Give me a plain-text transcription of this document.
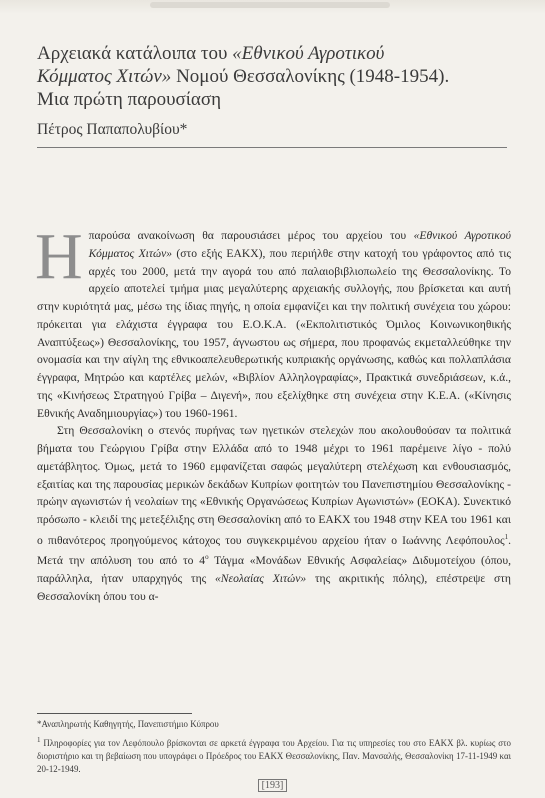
Αρχειακά κατάλοιπα του «Εθνικού Αγροτικού
Κόμματος Χιτών» Νομού Θεσσαλονίκης (1948-1954).
Μια πρώτη παρουσίαση
Πέτρος Παπαπολυβίου*

Η παρούσα ανακοίνωση θα παρουσιάσει μέρος του αρχείου του «Εθνικού Αγροτικού Κόμματος Χιτών» (στο εξής ΕΑΚΧ), που περιήλθε στην κατοχή του γράφοντος από τις αρχές του 2000, μετά την αγορά του από παλαιοβιβλιοπωλείο της Θεσσαλονίκης. Το αρχείο αποτελεί τμήμα μιας μεγαλύτερης αρχειακής συλλογής, που βρίσκεται και αυτή στην κυριότητά μας, μέσω της ίδιας πηγής, η οποία εμφανίζει και την πολιτική συνέχεια του χώρου: πρόκειται για ελάχιστα έγγραφα του Ε.Ο.Κ.Α. («Εκπολιτιστικός Όμιλος Κοινωνικοηθικής Αναπτύξεως») Θεσσαλονίκης, του 1957, άγνωστου ως σήμερα, που προφανώς εκμεταλλεύθηκε την ονομασία και την αίγλη της εθνικοαπελευθερωτικής κυπριακής οργάνωσης, καθώς και πολλαπλάσια έγγραφα, Μητρώο και καρτέλες μελών, «Βιβλίον Αλληλογραφίας», Πρακτικά συνεδριάσεων, κ.ά., της «Κινήσεως Στρατηγού Γρίβα – Διγενή», που εξελίχθηκε στη συνέχεια στην Κ.Ε.Α. («Κίνησις Εθνικής Αναδημιουργίας») του 1960-1961.

Στη Θεσσαλονίκη ο στενός πυρήνας των ηγετικών στελεχών που ακολουθούσαν τα πολιτικά βήματα του Γεώργιου Γρίβα στην Ελλάδα από το 1948 μέχρι το 1961 παρέμεινε λίγο - πολύ αμετάβλητος. Όμως, μετά το 1960 εμφανίζεται σαφώς μεγαλύτερη στελέχωση και ενθουσιασμός, εξαιτίας και της παρουσίας μερικών δεκάδων Κυπρίων φοιτητών του Πανεπιστημίου Θεσσαλονίκης - πρώην αγωνιστών ή νεολαίων της «Εθνικής Οργανώσεως Κυπρίων Αγωνιστών» (ΕΟΚΑ). Συνεκτικό πρόσωπο - κλειδί της μετεξέλιξης στη Θεσσαλονίκη από το ΕΑΚΧ του 1948 στην ΚΕΑ του 1961 και ο πιθανότερος προηγούμενος κάτοχος του συγκεκριμένου αρχείου ήταν ο Ιωάννης Λεφόπουλος$^1$. Μετά την απόλυση του από το $4^o$ Τάγμα «Μονάδων Εθνικής Ασφαλείας» Διδυμοτείχου (όπου, παράλληλα, ήταν υπαρχηγός της «Νεολαίας Χιτών» της ακριτικής πόλης), επέστρεψε στη Θεσσαλονίκη όπου του α-

*Αναπληρωτής Καθηγητής, Πανεπιστήμιο Κύπρου

$^1$ Πληροφορίες για τον Λεφόπουλο βρίσκονται σε αρκετά έγγραφα του Αρχείου. Για τις υπηρεσίες του στο ΕΑΚΧ βλ. κυρίως στο διοριστήριο και τη βεβαίωση που υπογράφει ο Πρόεδρος του ΕΑΚΧ Θεσσαλονίκης, Παν. Μανσαλής, Θεσσαλονίκη 17-11-1949 και 20-12-1949.

[193]
